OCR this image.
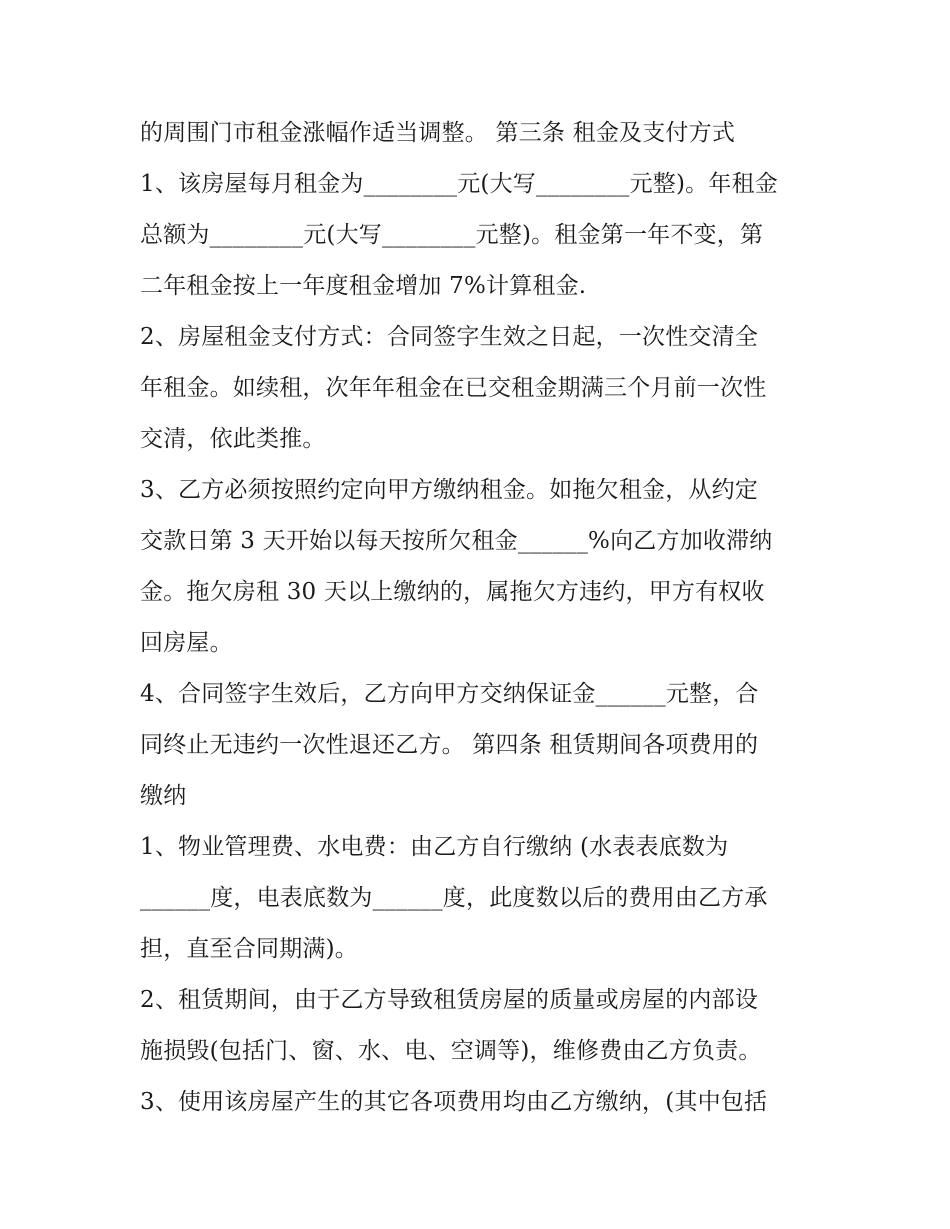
的周围门市租金涨幅作适当调整。 第三条 租金及支付方式
1、该房屋每月租金为________元(大写________元整)。年租金
总额为________元(大写________元整)。租金第一年不变，第
二年租金按上一年度租金增加 7%计算租金.
2、房屋租金支付方式：合同签字生效之日起，一次性交清全
年租金。如续租，次年年租金在已交租金期满三个月前一次性
交清，依此类推。
3、乙方必须按照约定向甲方缴纳租金。如拖欠租金，从约定
交款日第 3 天开始以每天按所欠租金______%向乙方加收滞纳
金。拖欠房租 30 天以上缴纳的，属拖欠方违约，甲方有权收
回房屋。
4、合同签字生效后，乙方向甲方交纳保证金______元整，合
同终止无违约一次性退还乙方。 第四条 租赁期间各项费用的
缴纳
1、物业管理费、水电费：由乙方自行缴纳 (水表表底数为
______度，电表底数为______度，此度数以后的费用由乙方承
担，直至合同期满)。
2、租赁期间，由于乙方导致租赁房屋的质量或房屋的内部设
施损毁(包括门、窗、水、电、空调等)，维修费由乙方负责。
3、使用该房屋产生的其它各项费用均由乙方缴纳，(其中包括
